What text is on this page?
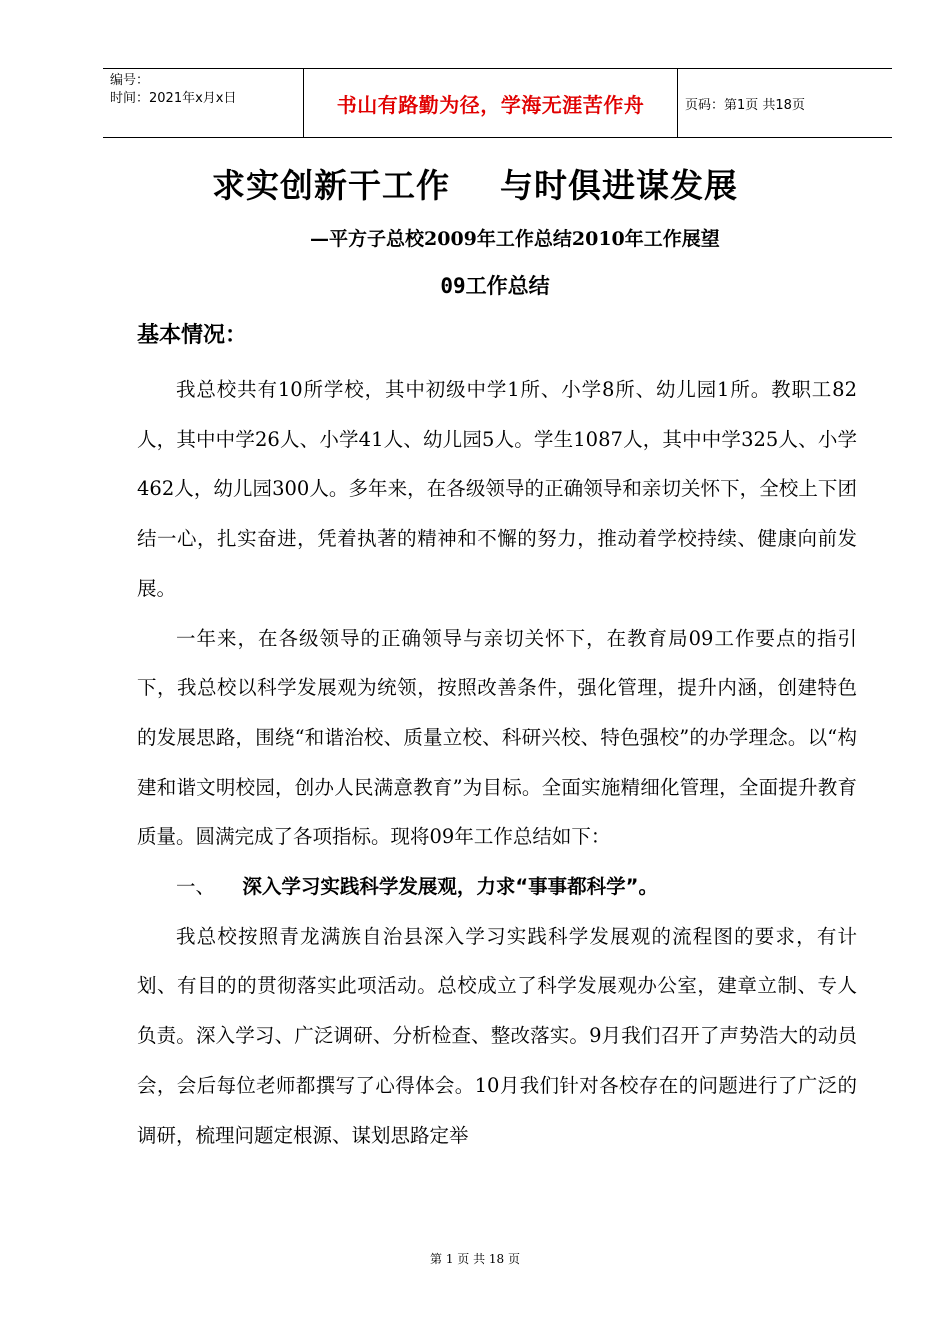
编号：
时间：2021年x月x日	书山有路勤为径，学海无涯苦作舟	页码：第1页 共18页
求实创新干工作    与时俱进谋发展
—平方子总校2009年工作总结2010年工作展望
09工作总结
基本情况：

我总校共有10所学校，其中初级中学1所、小学8所、幼儿园1所。教职工82人，其中中学26人、小学41人、幼儿园5人。学生1087人，其中中学325人、小学462人，幼儿园300人。多年来，在各级领导的正确领导和亲切关怀下，全校上下团结一心，扎实奋进，凭着执著的精神和不懈的努力，推动着学校持续、健康向前发展。

一年来，在各级领导的正确领导与亲切关怀下，在教育局09工作要点的指引下，我总校以科学发展观为统领，按照改善条件，强化管理，提升内涵，创建特色的发展思路，围绕“和谐治校、质量立校、科研兴校、特色强校”的办学理念。以“构建和谐文明校园，创办人民满意教育”为目标。全面实施精细化管理，全面提升教育质量。圆满完成了各项指标。现将09年工作总结如下：

一、 深入学习实践科学发展观，力求“事事都科学”。

我总校按照青龙满族自治县深入学习实践科学发展观的流程图的要求，有计划、有目的的贯彻落实此项活动。总校成立了科学发展观办公室，建章立制、专人负责。深入学习、广泛调研、分析检查、整改落实。9月我们召开了声势浩大的动员会，会后每位老师都撰写了心得体会。10月我们针对各校存在的问题进行了广泛的调研，梳理问题定根源、谋划思路定举

第 1 页 共 18 页
